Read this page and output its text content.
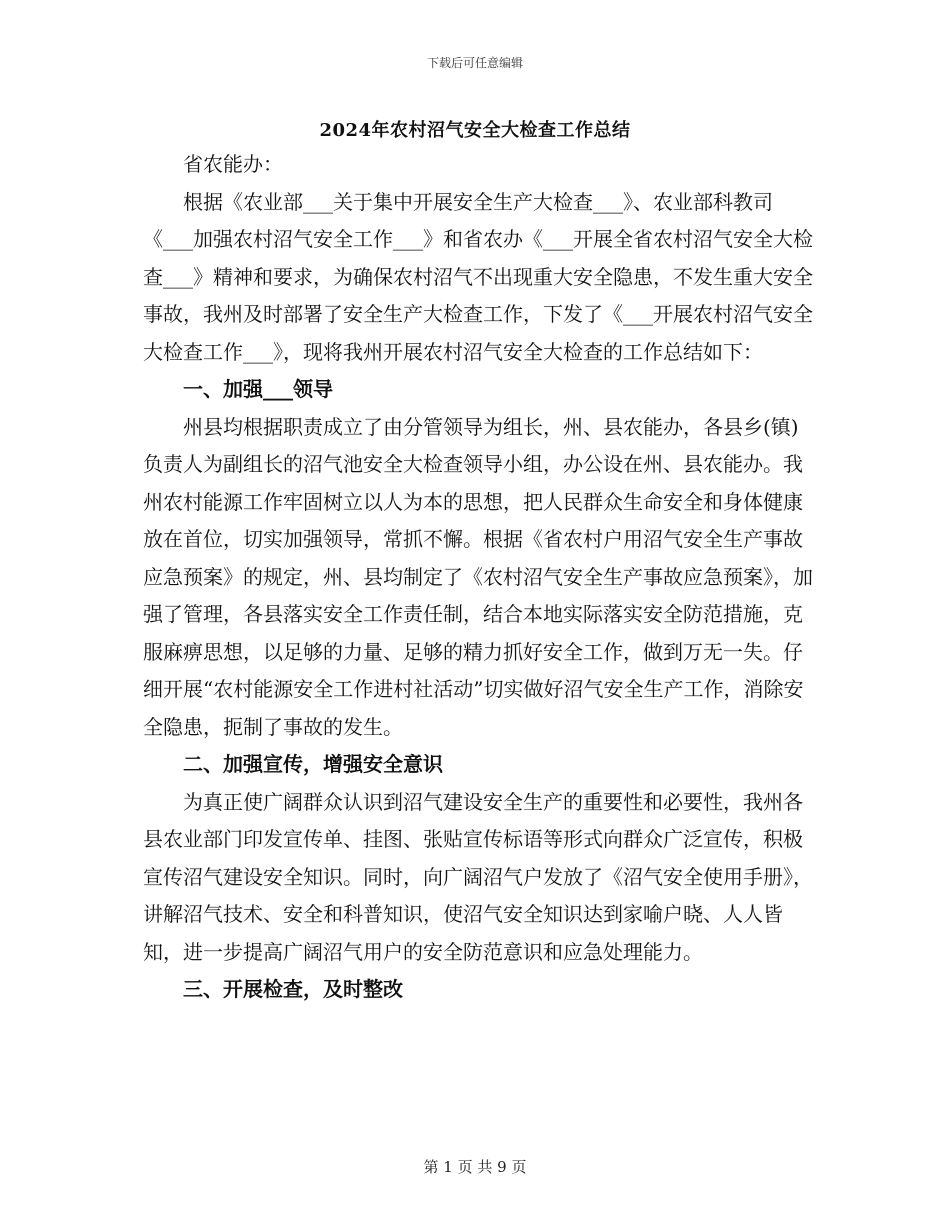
下载后可任意编辑
2024年农村沼气安全大检查工作总结

省农能办：

根据《农业部___关于集中开展安全生产大检查___》、农业部科教司《___加强农村沼气安全工作___》和省农办《___开展全省农村沼气安全大检查___》精神和要求，为确保农村沼气不出现重大安全隐患，不发生重大安全事故，我州及时部署了安全生产大检查工作，下发了《___开展农村沼气安全大检查工作___》，现将我州开展农村沼气安全大检查的工作总结如下：

一、加强___领导

州县均根据职责成立了由分管领导为组长，州、县农能办，各县乡(镇)负责人为副组长的沼气池安全大检查领导小组，办公设在州、县农能办。我州农村能源工作牢固树立以人为本的思想，把人民群众生命安全和身体健康放在首位，切实加强领导，常抓不懈。根据《省农村户用沼气安全生产事故应急预案》的规定，州、县均制定了《农村沼气安全生产事故应急预案》，加强了管理，各县落实安全工作责任制，结合本地实际落实安全防范措施，克服麻痹思想，以足够的力量、足够的精力抓好安全工作，做到万无一失。仔细开展“农村能源安全工作进村社活动”切实做好沼气安全生产工作，消除安全隐患，扼制了事故的发生。

二、加强宣传，增强安全意识

为真正使广阔群众认识到沼气建设安全生产的重要性和必要性，我州各县农业部门印发宣传单、挂图、张贴宣传标语等形式向群众广泛宣传，积极宣传沼气建设安全知识。同时，向广阔沼气户发放了《沼气安全使用手册》，讲解沼气技术、安全和科普知识，使沼气安全知识达到家喻户晓、人人皆知，进一步提高广阔沼气用户的安全防范意识和应急处理能力。

三、开展检查，及时整改

第 1 页 共 9 页
